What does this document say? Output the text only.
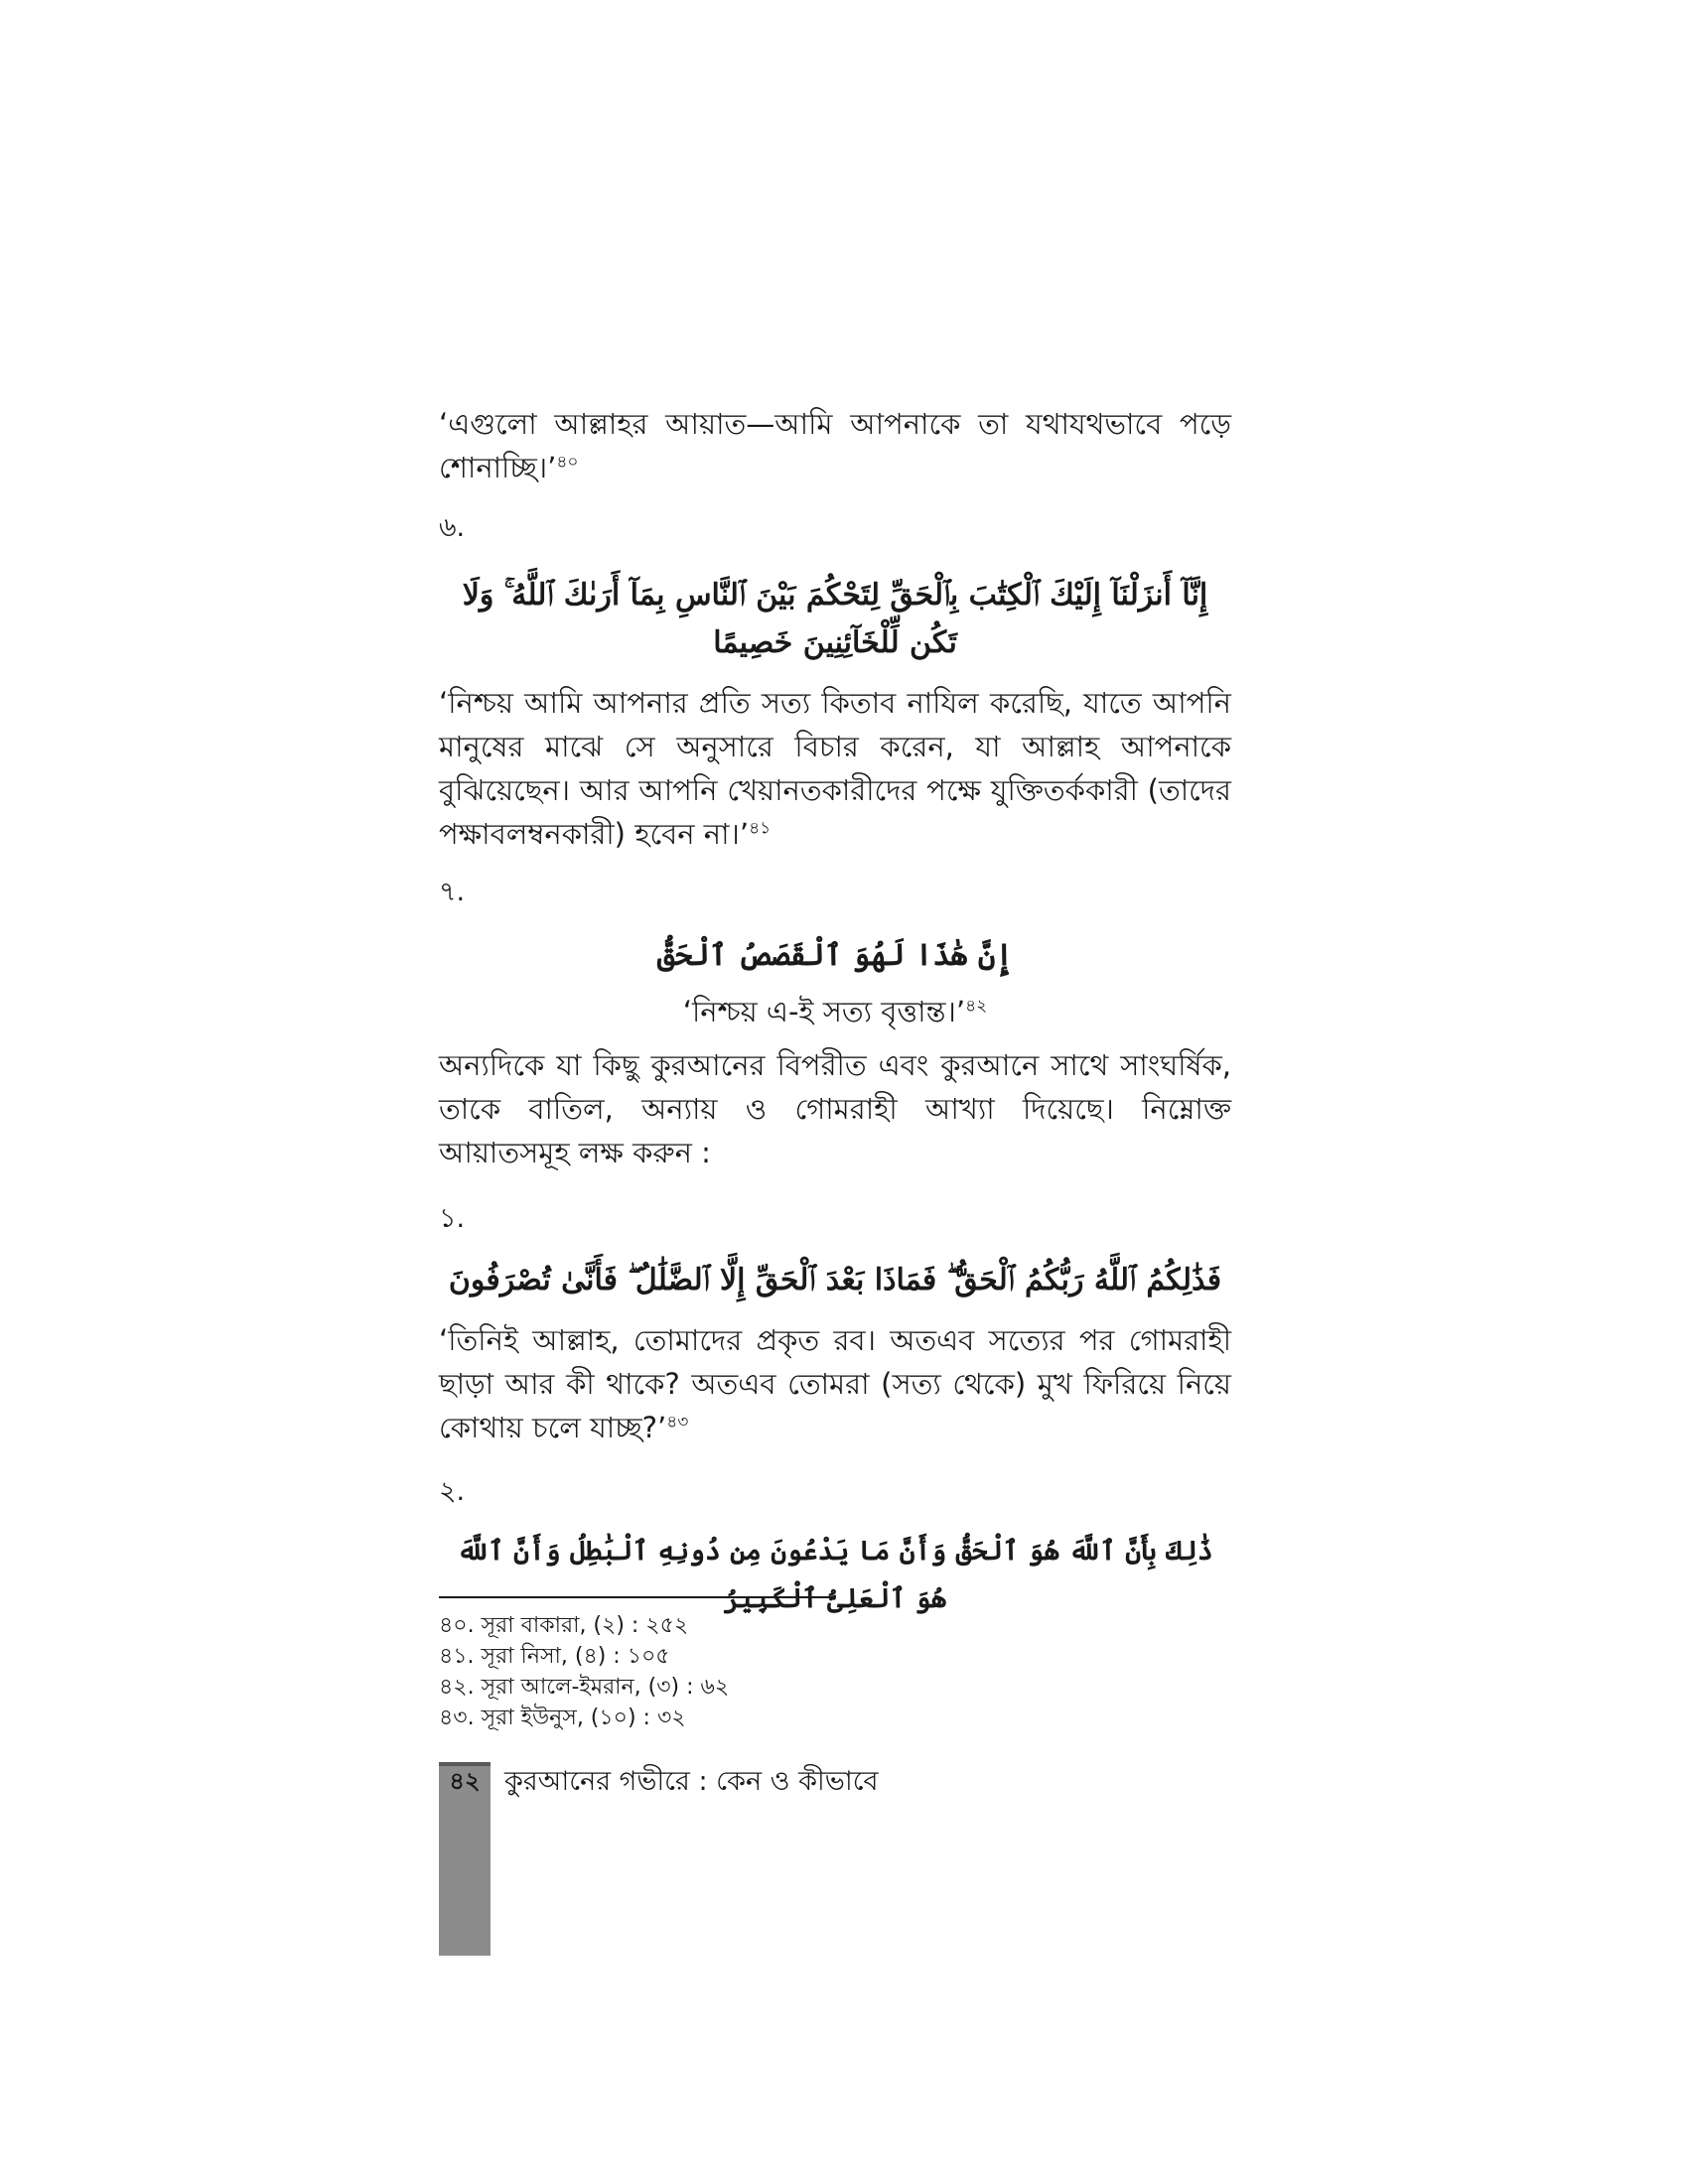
‘এগুলো আল্লাহর আয়াত—আমি আপনাকে তা যথাযথভাবে পড়ে শোনাচ্ছি।’$^{৪০}$

৬.

إِنَّآ أَنزَلْنَآ إِلَيْكَ ٱلْكِتَٰبَ بِٱلْحَقِّ لِتَحْكُمَ بَيْنَ ٱلنَّاسِ بِمَآ أَرَىٰكَ ٱللَّهُ ۚ وَلَا تَكُن لِّلْخَآئِنِينَ خَصِيمًا

‘নিশ্চয় আমি আপনার প্রতি সত্য কিতাব নাযিল করেছি, যাতে আপনি মানুষের মাঝে সে অনুসারে বিচার করেন, যা আল্লাহ আপনাকে বুঝিয়েছেন। আর আপনি খেয়ানতকারীদের পক্ষে যুক্তিতর্ককারী (তাদের পক্ষাবলম্বনকারী) হবেন না।’$^{৪১}$

৭.

إِنَّ هَٰذَا لَهُوَ ٱلْقَصَصُ ٱلْحَقُّ

‘নিশ্চয় এ-ই সত্য বৃত্তান্ত।’$^{৪২}$

অন্যদিকে যা কিছু কুরআনের বিপরীত এবং কুরআনে সাথে সাংঘর্ষিক, তাকে বাতিল, অন্যায় ও গোমরাহী আখ্যা দিয়েছে। নিম্নোক্ত আয়াতসমূহ লক্ষ করুন :

১.

فَذَٰلِكُمُ ٱللَّهُ رَبُّكُمُ ٱلْحَقُّ ۖ فَمَاذَا بَعْدَ ٱلْحَقِّ إِلَّا ٱلضَّلَٰلُ ۖ فَأَنَّىٰ تُصْرَفُونَ

‘তিনিই আল্লাহ, তোমাদের প্রকৃত রব। অতএব সত্যের পর গোমরাহী ছাড়া আর কী থাকে? অতএব তোমরা (সত্য থেকে) মুখ ফিরিয়ে নিয়ে কোথায় চলে যাচ্ছ?’$^{৪৩}$

২.

ذَٰلِكَ بِأَنَّ ٱللَّهَ هُوَ ٱلْحَقُّ وَأَنَّ مَا يَدْعُونَ مِن دُونِهِ ٱلْبَٰطِلُ وَأَنَّ ٱللَّهَ هُوَ ٱلْعَلِىُّ ٱلْكَبِيرُ

৪০. সূরা বাকারা, (২) : ২৫২

৪১. সূরা নিসা, (৪) : ১০৫

৪২. সূরা আলে-ইমরান, (৩) : ৬২

৪৩. সূরা ইউনুস, (১০) : ৩২

৪২ কুরআনের গভীরে : কেন ও কীভাবে
